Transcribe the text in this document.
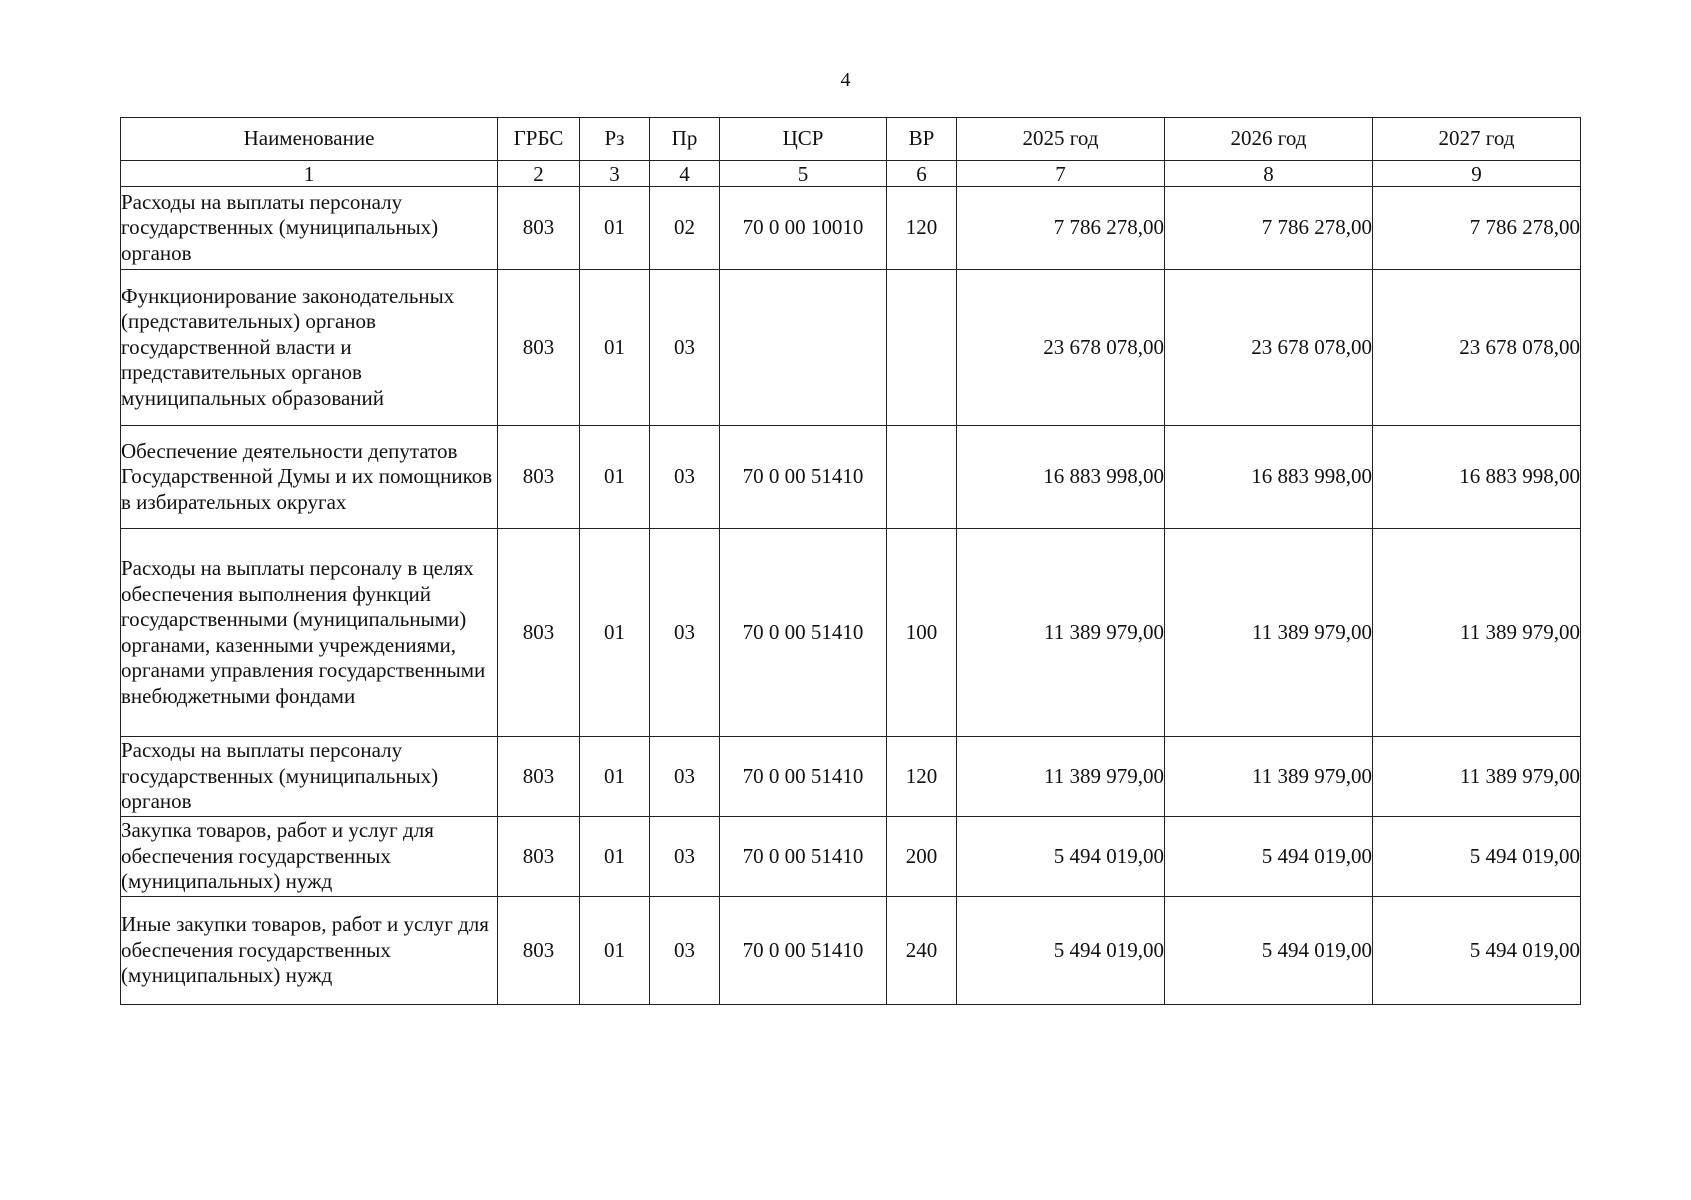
4
Наименование	ГРБС	Рз	Пр	ЦСР	ВР	2025 год	2026 год	2027 год
1	2	3	4	5	6	7	8	9
Расходы на выплаты персоналу государственных (муниципальных) органов	803	01	02	70 0 00 10010	120	7 786 278,00	7 786 278,00	7 786 278,00
Функционирование законодательных (представительных) органов государственной власти и представительных органов муниципальных образований	803	01	03			23 678 078,00	23 678 078,00	23 678 078,00
Обеспечение деятельности депутатов Государственной Думы и их помощников в избирательных округах	803	01	03	70 0 00 51410		16 883 998,00	16 883 998,00	16 883 998,00
Расходы на выплаты персоналу в целях обеспечения выполнения функций государственными (муниципальными) органами, казенными учреждениями, органами управления государственными внебюджетными фондами	803	01	03	70 0 00 51410	100	11 389 979,00	11 389 979,00	11 389 979,00
Расходы на выплаты персоналу государственных (муниципальных) органов	803	01	03	70 0 00 51410	120	11 389 979,00	11 389 979,00	11 389 979,00
Закупка товаров, работ и услуг для обеспечения государственных (муниципальных) нужд	803	01	03	70 0 00 51410	200	5 494 019,00	5 494 019,00	5 494 019,00
Иные закупки товаров, работ и услуг для обеспечения государственных (муниципальных) нужд	803	01	03	70 0 00 51410	240	5 494 019,00	5 494 019,00	5 494 019,00
